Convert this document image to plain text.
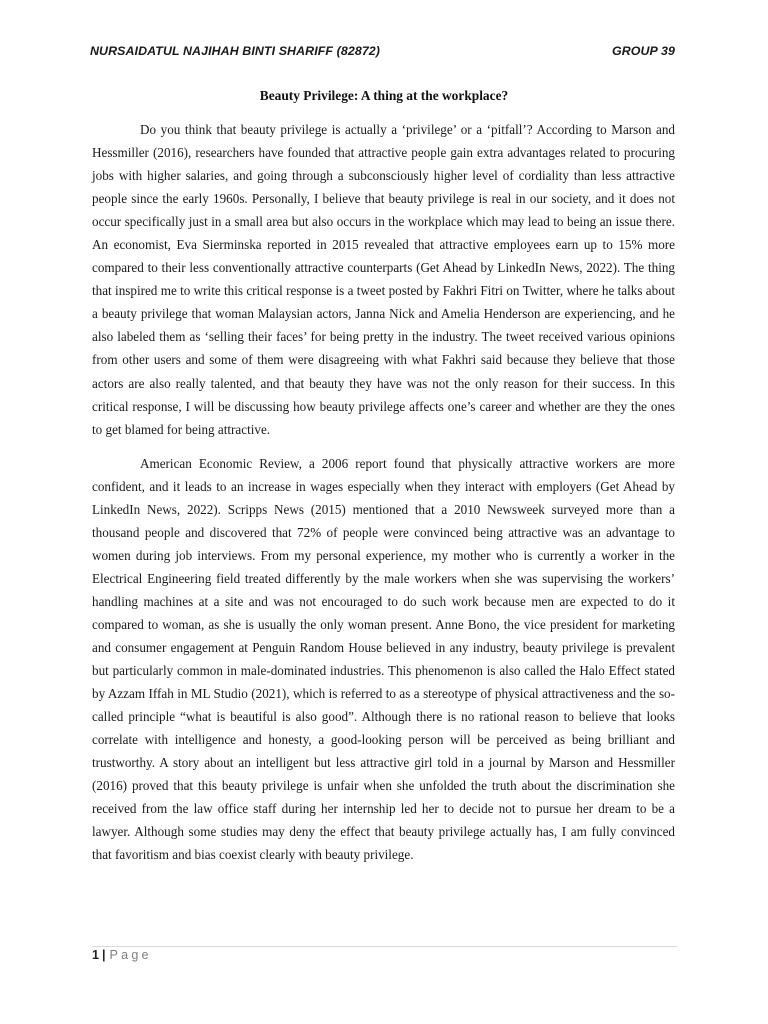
NURSAIDATUL NAJIHAH BINTI SHARIFF (82872)	GROUP 39
Beauty Privilege: A thing at the workplace?

Do you think that beauty privilege is actually a ‘privilege’ or a ‘pitfall’? According to Marson and Hessmiller (2016), researchers have founded that attractive people gain extra advantages related to procuring jobs with higher salaries, and going through a subconsciously higher level of cordiality than less attractive people since the early 1960s. Personally, I believe that beauty privilege is real in our society, and it does not occur specifically just in a small area but also occurs in the workplace which may lead to being an issue there. An economist, Eva Sierminska reported in 2015 revealed that attractive employees earn up to 15% more compared to their less conventionally attractive counterparts (Get Ahead by LinkedIn News, 2022). The thing that inspired me to write this critical response is a tweet posted by Fakhri Fitri on Twitter, where he talks about a beauty privilege that woman Malaysian actors, Janna Nick and Amelia Henderson are experiencing, and he also labeled them as ‘selling their faces’ for being pretty in the industry. The tweet received various opinions from other users and some of them were disagreeing with what Fakhri said because they believe that those actors are also really talented, and that beauty they have was not the only reason for their success. In this critical response, I will be discussing how beauty privilege affects one’s career and whether are they the ones to get blamed for being attractive.

American Economic Review, a 2006 report found that physically attractive workers are more confident, and it leads to an increase in wages especially when they interact with employers (Get Ahead by LinkedIn News, 2022). Scripps News (2015) mentioned that a 2010 Newsweek surveyed more than a thousand people and discovered that 72% of people were convinced being attractive was an advantage to women during job interviews. From my personal experience, my mother who is currently a worker in the Electrical Engineering field treated differently by the male workers when she was supervising the workers’ handling machines at a site and was not encouraged to do such work because men are expected to do it compared to woman, as she is usually the only woman present. Anne Bono, the vice president for marketing and consumer engagement at Penguin Random House believed in any industry, beauty privilege is prevalent but particularly common in male-dominated industries. This phenomenon is also called the Halo Effect stated by Azzam Iffah in ML Studio (2021), which is referred to as a stereotype of physical attractiveness and the so-called principle “what is beautiful is also good”. Although there is no rational reason to believe that looks correlate with intelligence and honesty, a good-looking person will be perceived as being brilliant and trustworthy. A story about an intelligent but less attractive girl told in a journal by Marson and Hessmiller (2016) proved that this beauty privilege is unfair when she unfolded the truth about the discrimination she received from the law office staff during her internship led her to decide not to pursue her dream to be a lawyer. Although some studies may deny the effect that beauty privilege actually has, I am fully convinced that favoritism and bias coexist clearly with beauty privilege.

1 | Page
